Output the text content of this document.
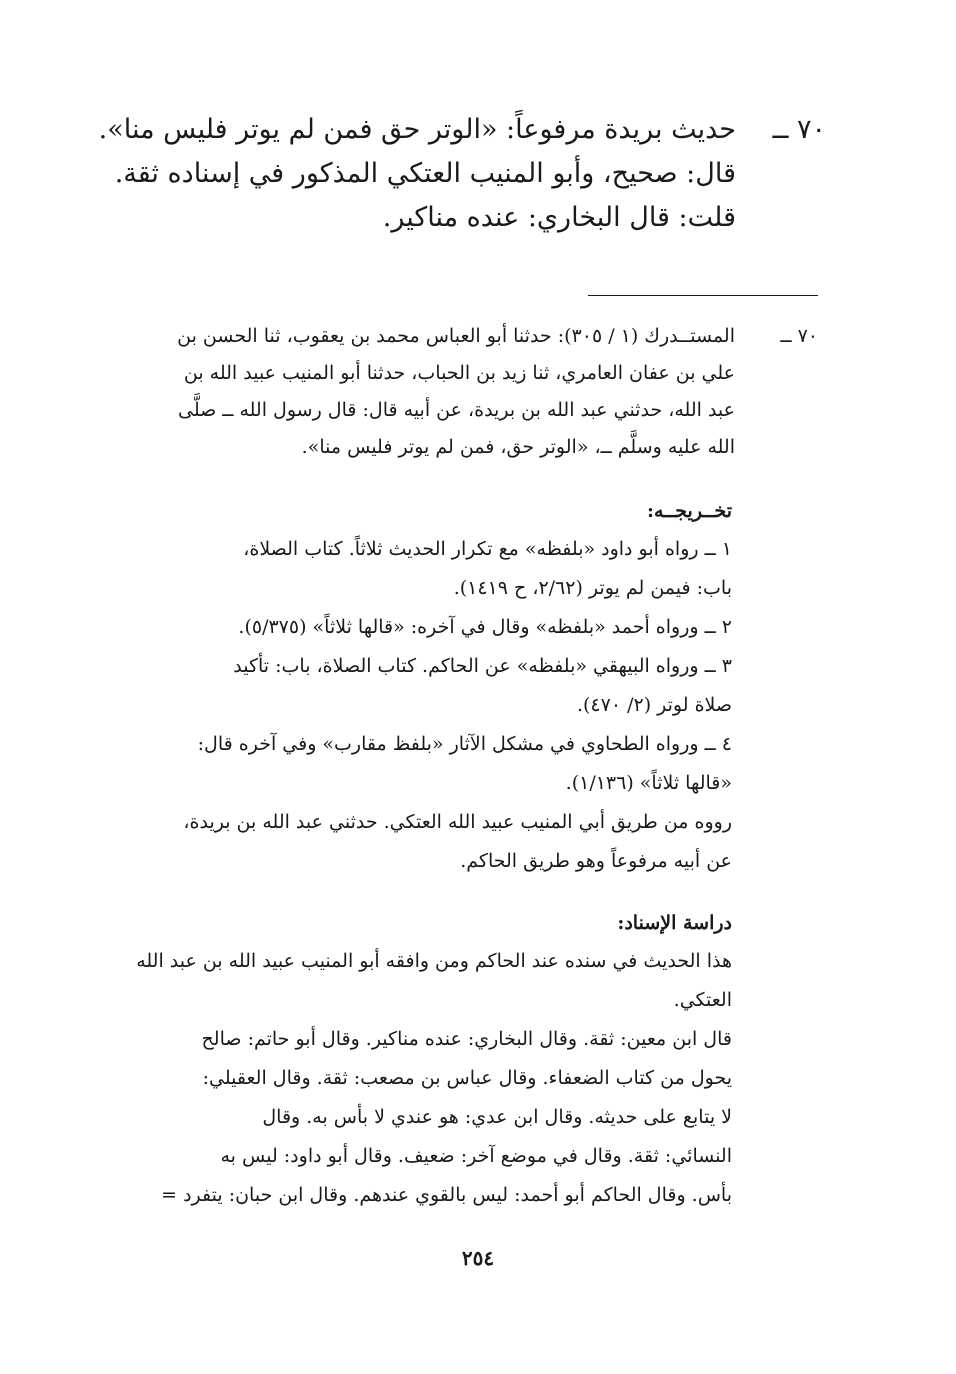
٧٠ ــحديث بريدة مرفوعاً: «الوتر حق فمن لم يوتر فليس منا».
قال: صحيح، وأبو المنيب العتكي المذكور في إسناده ثقة.
قلت: قال البخاري: عنده مناكير.
٧٠ ــالمستــدرك (١ / ٣٠٥): حدثنا أبو العباس محمد بن يعقوب، ثنا الحسن بن
علي بن عفان العامري، ثنا زيد بن الحباب، حدثنا أبو المنيب عبيد الله بن
عبد الله، حدثني عبد الله بن بريدة، عن أبيه قال: قال رسول الله ــ صلَّى
الله عليه وسلَّم ــ، «الوتر حق، فمن لم يوتر فليس منا».
تخــريجــه:
١ ــ رواه أبو داود «بلفظه» مع تكرار الحديث ثلاثاً. كتاب الصلاة،
باب: فيمن لم يوتر (٢/٦٢، ح ١٤١٩).
٢ ــ ورواه أحمد «بلفظه» وقال في آخره: «قالها ثلاثاً» (٥/٣٧٥).
٣ ــ ورواه البيهقي «بلفظه» عن الحاكم. كتاب الصلاة، باب: تأكيد
صلاة لوتر (٢/ ٤٧٠).
٤ ــ ورواه الطحاوي في مشكل الآثار «بلفظ مقارب» وفي آخره قال:
«قالها ثلاثاً» (١/١٣٦).
رووه من طريق أبي المنيب عبيد الله العتكي. حدثني عبد الله بن بريدة،
عن أبيه مرفوعاً وهو طريق الحاكم.
دراسة الإسناد:
هذا الحديث في سنده عند الحاكم ومن وافقه أبو المنيب عبيد الله بن عبد الله
العتكي.
قال ابن معين: ثقة. وقال البخاري: عنده مناكير. وقال أبو حاتم: صالح
يحول من كتاب الضعفاء. وقال عباس بن مصعب: ثقة. وقال العقيلي:
لا يتابع على حديثه. وقال ابن عدي: هو عندي لا بأس به. وقال
النسائي: ثقة. وقال في موضع آخر: ضعيف. وقال أبو داود: ليس به
بأس. وقال الحاكم أبو أحمد: ليس بالقوي عندهم. وقال ابن حبان: يتفرد =
٢٥٤
